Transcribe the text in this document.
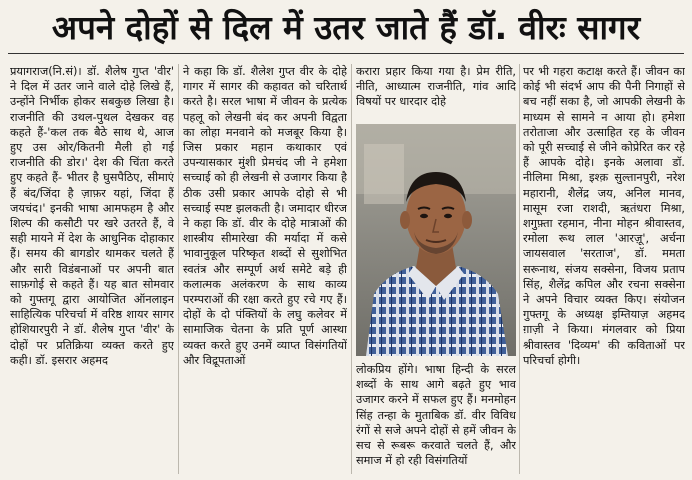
अपने दोहों से दिल में उतर जाते हैं डॉ. वीरः सागर

प्रयागराज(नि.सं)। डॉ. शैलेष गुप्त 'वीर' ने दिल में उतर जाने वाले दोहे लिखे हैं, उन्होंने निर्भीक होकर सबकुछ लिखा है। राजनीति की उथल-पुथल देखकर वह कहते हैं-'कल तक बैठे साथ थे, आज हुए उस ओर/कितनी मैली हो गई राजनीति की डोर।' देश की चिंता करते हुए कहते हैं- भीतर है घुसपैठिए, सीमाएं हैं बंद/जिंदा है ज़ाफ़र यहां, जिंदा हैं जयचंद।' इनकी भाषा आमफहम है और शिल्प की कसौटी पर खरे उतरते हैं, वे सही मायने में देश के आधुनिक दोहाकार हैं। समय की बागडोर थामकर चलते हैं और सारी विडंबनाओं पर अपनी बात साफ़गोई से कहते हैं। यह बात सोमवार को गुफ्तगू द्वारा आयोजित ऑनलाइन साहित्यिक परिचर्चा में वरिष्ठ शायर सागर होशियारपुरी ने डॉ. शैलेष गुप्त 'वीर' के दोहों पर प्रतिक्रिया व्यक्त करते हुए कही। डॉ. इसरार अहमद

ने कहा कि डॉ. शैलेश गुप्त वीर के दोहे गागर में सागर की कहावत को चरितार्थ करते है। सरल भाषा में जीवन के प्रत्येक पहलू को लेखनी बंद कर अपनी विद्वता का लोहा मनवाने को मजबूर किया है। जिस प्रकार महान कथाकार एवं उपन्यासकार मुंशी प्रेमचंद जी ने हमेशा सच्चाई को ही लेखनी से उजागर किया है ठीक उसी प्रकार आपके दोहो से भी सच्चाई स्पष्ट झलकती है। जमादार धीरज ने कहा कि डॉ. वीर के दोहे मात्राओं की शास्त्रीय सीमारेखा की मर्यादा में कसे भावानुकूल परिष्कृत शब्दों से सुशोभित स्वतंत्र और सम्पूर्ण अर्थ समेटे बड़े ही कलात्मक अलंकरण के साथ काव्य परम्पराओं की रक्षा करते हुए रचे गए हैं। दोहों के दो पंक्तियों के लघु कलेवर में सामाजिक चेतना के प्रति पूर्ण आस्था व्यक्त करते हुए उनमें व्याप्त विसंगतियों और विद्रूपताओं

करारा प्रहार किया गया है। प्रेम रीति, नीति, आध्यात्म राजनीति, गांव आदि विषयों पर धारदार दोहे

लोकप्रिय होंगे। भाषा हिन्दी के सरल शब्दों के साथ आगे बढ़ते हुए भाव उजागर करने में सफल हुए हैं। मनमोहन सिंह तन्हा के मुताबिक डॉ. वीर विविध रंगों से सजे अपने दोहों से हमें जीवन के सच से रूबरू करवाते चलते हैं, और समाज में हो रही विसंगतियों

पर भी गहरा कटाक्ष करते हैं। जीवन का कोई भी संदर्भ आप की पैनी निगाहों से बच नहीं सका है, जो आपकी लेखनी के माध्यम से सामने न आया हो। हमेशा तरोताजा और उत्साहित रह के जीवन को पूरी सच्चाई से जीने कोप्रेरित कर रहे हैं आपके दोहे। इनके अलावा डॉ. नीलिमा मिश्रा, इश्क़ सुल्तानपुरी, नरेश महारानी, शैलेंद्र जय, अनिल मानव, मासूम रजा राशदी, ऋतंधरा मिश्रा, शगुफ़्ता रहमान, नीना मोहन श्रीवास्तव, रमोला रूथ लाल 'आरज़ू', अर्चना जायसवाल 'सरताज', डॉ. ममता सरूनाथ, संजय सक्सेना, विजय प्रताप सिंह, शैलेंद्र कपिल और रचना सक्सेना ने अपने विचार व्यक्त किए। संयोजन गुफ्तगू के अध्यक्ष इम्तियाज़ अहमद ग़ाज़ी ने किया। मंगलवार को प्रिया श्रीवास्तव 'दिव्यम' की कविताओं पर परिचर्चा होगी।
